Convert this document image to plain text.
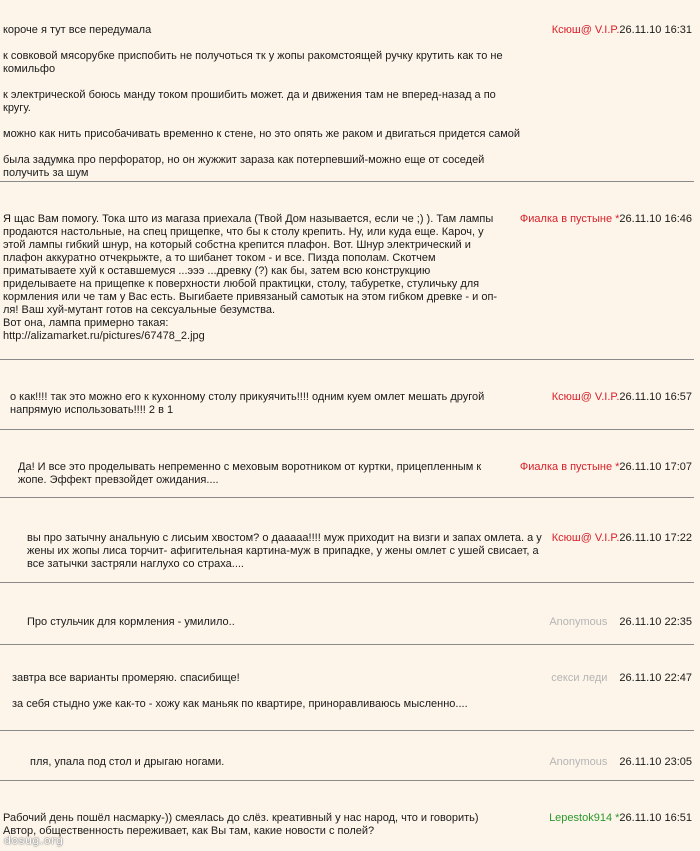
короче я тут все передумала

к совковой мясорубке приспобить не получоться тк у жопы ракомстоящей ручку крутить как то не комильфо

к электрической боюсь манду током прошибить может. да и движения там не вперед-назад а по кругу.

можно как нить присобачивать временно к стене, но это опять же раком и двигаться придется самой

была задумка про перфоратор, но он жужжит зараза как потерпевший-можно еще от соседей получить за шум

Ксюш@ V.I.P.26.11.10 16:31

Я щас Вам помогу. Тока што из магаза приехала (Твой Дом называется, если че ;) ). Там лампы продаются настольные, на спец прищепке, что бы к столу крепить. Ну, или куда еще. Кароч, у этой лампы гибкий шнур, на который собстна крепится плафон. Вот. Шнур электрический и плафон аккуратно отчекрыжте, а то шибанет током - и все. Пизда пополам. Скотчем приматываете хуй к оставшемуся ...эээ ...древку (?) как бы, затем всю конструкцию приделываете на прищепке к поверхности любой практицки, столу, табуретке, стуличьку для кормления или че там у Вас есть. Выгибаете привязаный самотык на этом гибком древке - и оп-ля! Ваш хуй-мутант готов на сексуальные безумства.
Вот она, лампа примерно такая:
http://alizamarket.ru/pictures/67478_2.jpg

Фиалка в пустыне *26.11.10 16:46

о как!!!! так это можно его к кухонному столу прикуячить!!!! одним куем омлет мешать другой напрямую использовать!!!! 2 в 1

Ксюш@ V.I.P.26.11.10 16:57

Да! И все это проделывать непременно с меховым воротником от куртки, прицепленным к жопе. Эффект превзойдет ожидания....

Фиалка в пустыне *26.11.10 17:07

вы про затычну анальную с лисьим хвостом? о дааааа!!!! муж приходит на визги и запах омлета. а у жены их жопы лиса торчит- афигительная картина-муж в припадке, у жены омлет с ушей свисает, а все затычки застряли наглухо со страха....

Ксюш@ V.I.P.26.11.10 17:22

Про стульчик для кормления - умилило..	Anonymous 26.11.10 22:35

завтра все варианты промеряю. спасибище!

за себя стыдно уже как-то - хожу как маньяк по квартире, приноравливаюсь мысленно....

секси леди 26.11.10 22:47

пля, упала под стол и дрыгаю ногами.	Anonymous 26.11.10 23:05

Рабочий день пошёл насмарку-)) смеялась до слёз. креативный у нас народ, что и говорить)
Автор, общественность переживает, как Вы там, какие новости с полей?

Lepestok914 *26.11.10 16:51
dosug.org
